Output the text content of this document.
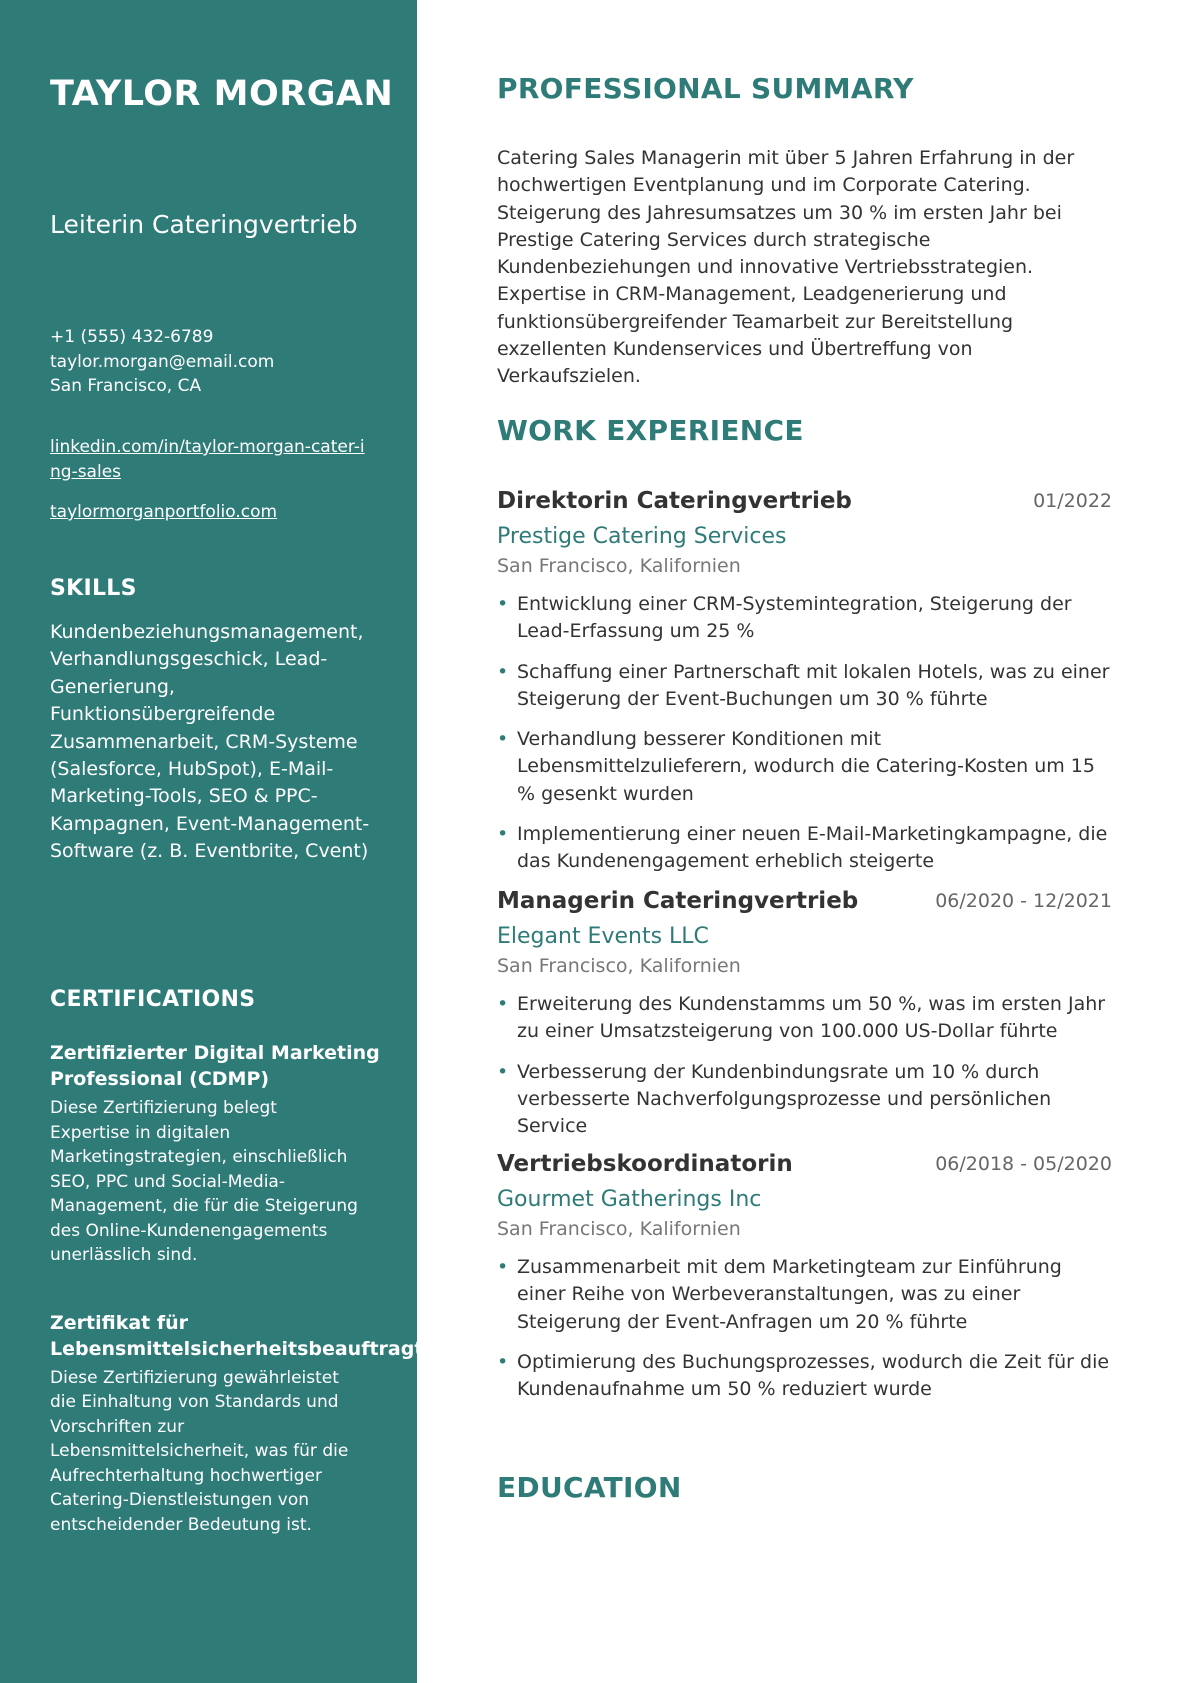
TAYLOR MORGAN
Leiterin Cateringvertrieb
+1 (555) 432-6789
taylor.morgan@email.com
San Francisco, CA
linkedin.com/in/taylor-morgan-cater-ing-sales
taylormorganportfolio.com
SKILLS

Kundenbeziehungsmanagement, Verhandlungsgeschick, Lead-Generierung, Funktionsübergreifende Zusammenarbeit, CRM-Systeme (Salesforce, HubSpot), E-Mail-Marketing-Tools, SEO & PPC-Kampagnen, Event-Management-Software (z. B. Eventbrite, Cvent)

CERTIFICATIONS
Zertifizierter Digital Marketing Professional (CDMP)
Diese Zertifizierung belegt Expertise in digitalen Marketingstrategien, einschließlich SEO, PPC und Social-Media-Management, die für die Steigerung des Online-Kundenengagements unerlässlich sind.
Zertifikat für Lebensmittelsicherheitsbeauftragte
Diese Zertifizierung gewährleistet die Einhaltung von Standards und Vorschriften zur Lebensmittelsicherheit, was für die Aufrechterhaltung hochwertiger Catering-Dienstleistungen von entscheidender Bedeutung ist.
PROFESSIONAL SUMMARY

Catering Sales Managerin mit über 5 Jahren Erfahrung in der hochwertigen Eventplanung und im Corporate Catering. Steigerung des Jahresumsatzes um 30 % im ersten Jahr bei Prestige Catering Services durch strategische Kundenbeziehungen und innovative Vertriebsstrategien. Expertise in CRM-Management, Leadgenerierung und funktionsübergreifender Teamarbeit zur Bereitstellung exzellenten Kundenservices und Übertreffung von Verkaufszielen.

WORK EXPERIENCE
Direktorin Cateringvertrieb	01/2022
Prestige Catering Services
San Francisco, Kalifornien
• Entwicklung einer CRM-Systemintegration, Steigerung der Lead-Erfassung um 25 %
• Schaffung einer Partnerschaft mit lokalen Hotels, was zu einer Steigerung der Event-Buchungen um 30 % führte
• Verhandlung besserer Konditionen mit Lebensmittelzulieferern, wodurch die Catering-Kosten um 15 % gesenkt wurden
• Implementierung einer neuen E-Mail-Marketingkampagne, die das Kundenengagement erheblich steigerte
Managerin Cateringvertrieb	06/2020 - 12/2021
Elegant Events LLC
San Francisco, Kalifornien
• Erweiterung des Kundenstamms um 50 %, was im ersten Jahr zu einer Umsatzsteigerung von 100.000 US-Dollar führte
• Verbesserung der Kundenbindungsrate um 10 % durch verbesserte Nachverfolgungsprozesse und persönlichen Service
Vertriebskoordinatorin	06/2018 - 05/2020
Gourmet Gatherings Inc
San Francisco, Kalifornien
• Zusammenarbeit mit dem Marketingteam zur Einführung einer Reihe von Werbeveranstaltungen, was zu einer Steigerung der Event-Anfragen um 20 % führte
• Optimierung des Buchungsprozesses, wodurch die Zeit für die Kundenaufnahme um 50 % reduziert wurde
EDUCATION
